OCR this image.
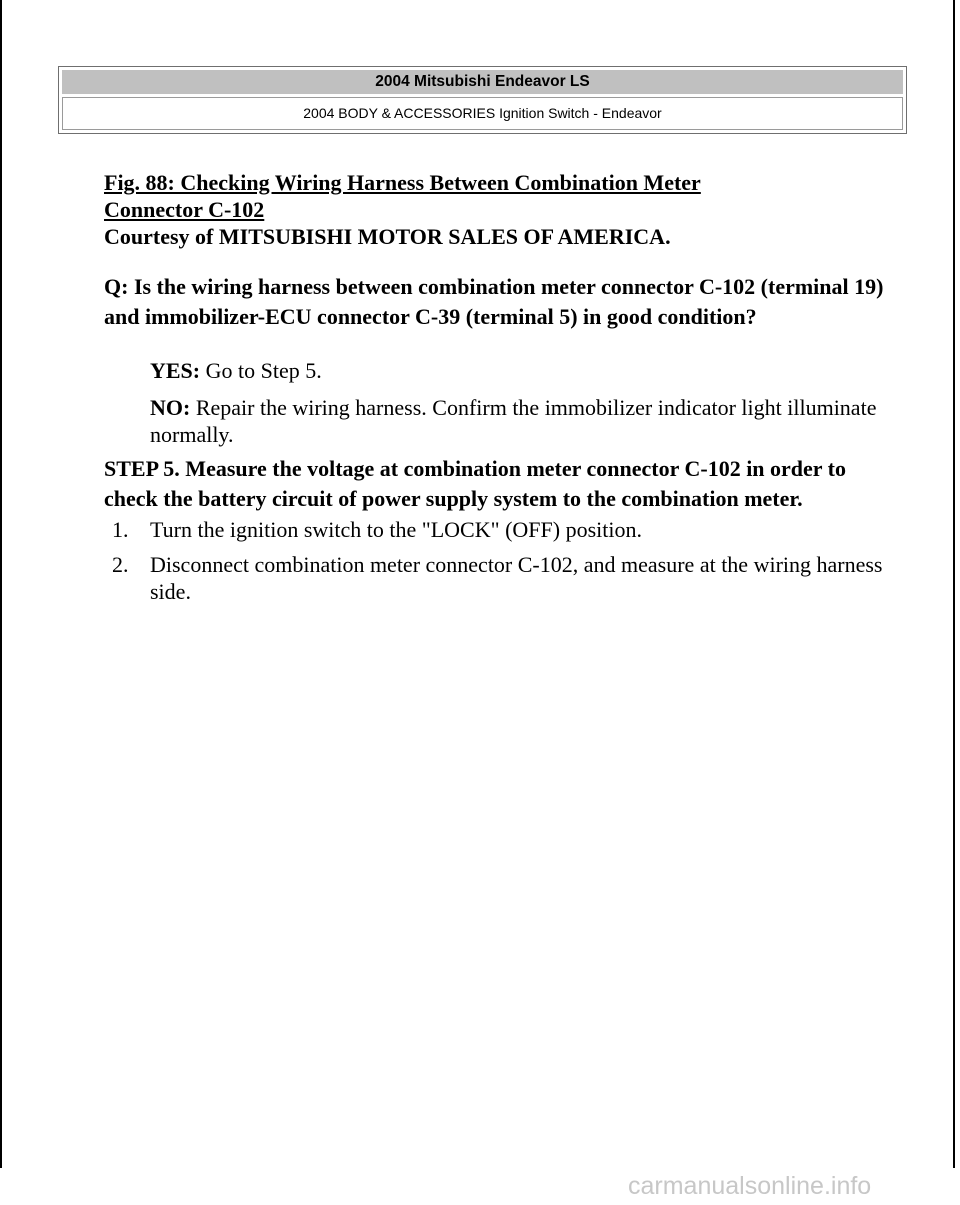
2004 Mitsubishi Endeavor LS
2004 BODY & ACCESSORIES Ignition Switch - Endeavor

Fig. 88: Checking Wiring Harness Between Combination Meter
Connector C-102

Courtesy of MITSUBISHI MOTOR SALES OF AMERICA.

Q: Is the wiring harness between combination meter connector C-102 (terminal 19) and immobilizer-ECU connector C-39 (terminal 5) in good condition?

YES: Go to Step 5.

NO: Repair the wiring harness. Confirm the immobilizer indicator light illuminate normally.

STEP 5. Measure the voltage at combination meter connector C-102 in order to check the battery circuit of power supply system to the combination meter.

1. Turn the ignition switch to the "LOCK" (OFF) position.
2. Disconnect combination meter connector C-102, and measure at the wiring harness side.
carmanualsonline.info
